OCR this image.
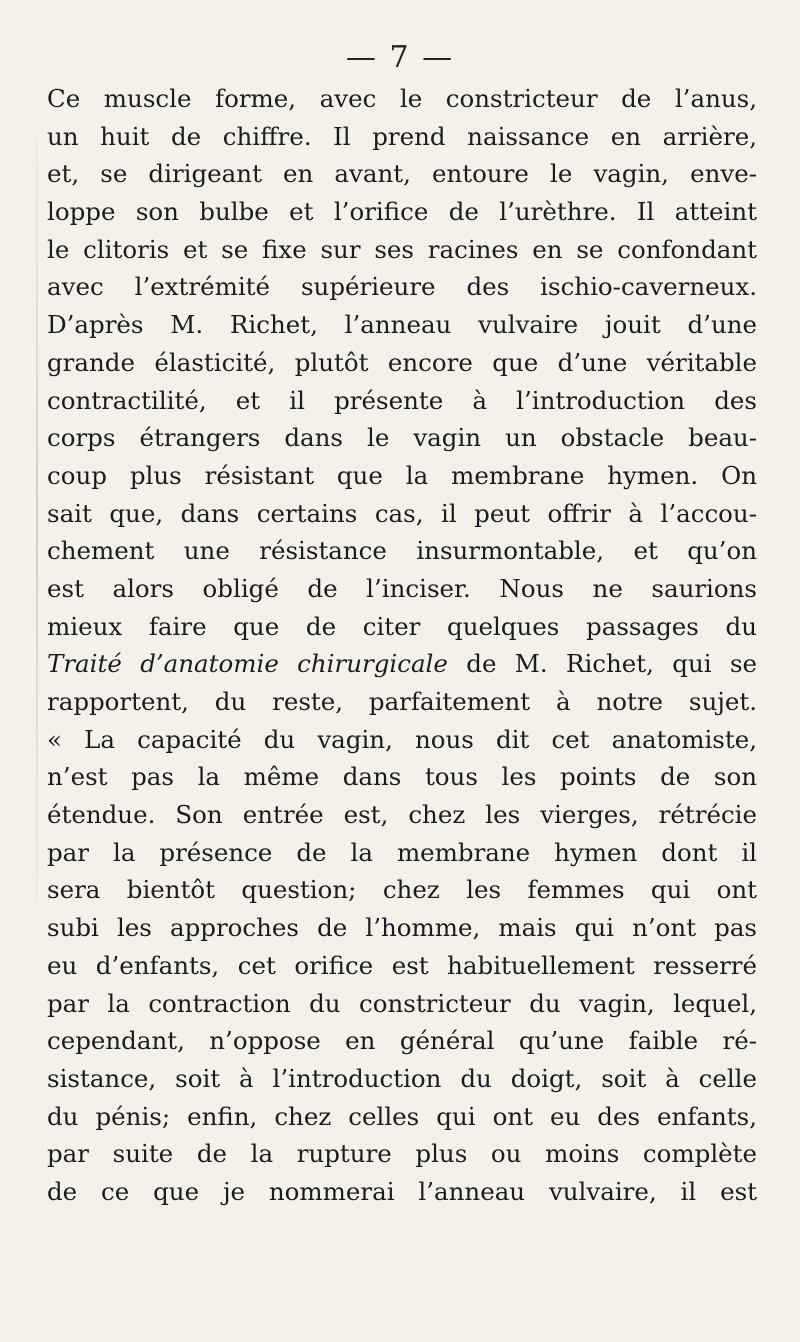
— 7 —
Ce muscle forme, avec le constricteur de l’anus,
un huit de chiffre. Il prend naissance en arrière,
et, se dirigeant en avant, entoure le vagin, enve-
loppe son bulbe et l’orifice de l’urèthre. Il atteint
le clitoris et se fixe sur ses racines en se confondant
avec l’extrémité supérieure des ischio-caverneux.
D’après M. Richet, l’anneau vulvaire jouit d’une
grande élasticité, plutôt encore que d’une véritable
contractilité, et il présente à l’introduction des
corps étrangers dans le vagin un obstacle beau-
coup plus résistant que la membrane hymen. On
sait que, dans certains cas, il peut offrir à l’accou-
chement une résistance insurmontable, et qu’on
est alors obligé de l’inciser. Nous ne saurions
mieux faire que de citer quelques passages du
Traité d’anatomie chirurgicale de M. Richet, qui se
rapportent, du reste, parfaitement à notre sujet.
« La capacité du vagin, nous dit cet anatomiste,
n’est pas la même dans tous les points de son
étendue. Son entrée est, chez les vierges, rétrécie
par la présence de la membrane hymen dont il
sera bientôt question; chez les femmes qui ont
subi les approches de l’homme, mais qui n’ont pas
eu d’enfants, cet orifice est habituellement resserré
par la contraction du constricteur du vagin, lequel,
cependant, n’oppose en général qu’une faible ré-
sistance, soit à l’introduction du doigt, soit à celle
du pénis; enfin, chez celles qui ont eu des enfants,
par suite de la rupture plus ou moins complète
de ce que je nommerai l’anneau vulvaire, il est
